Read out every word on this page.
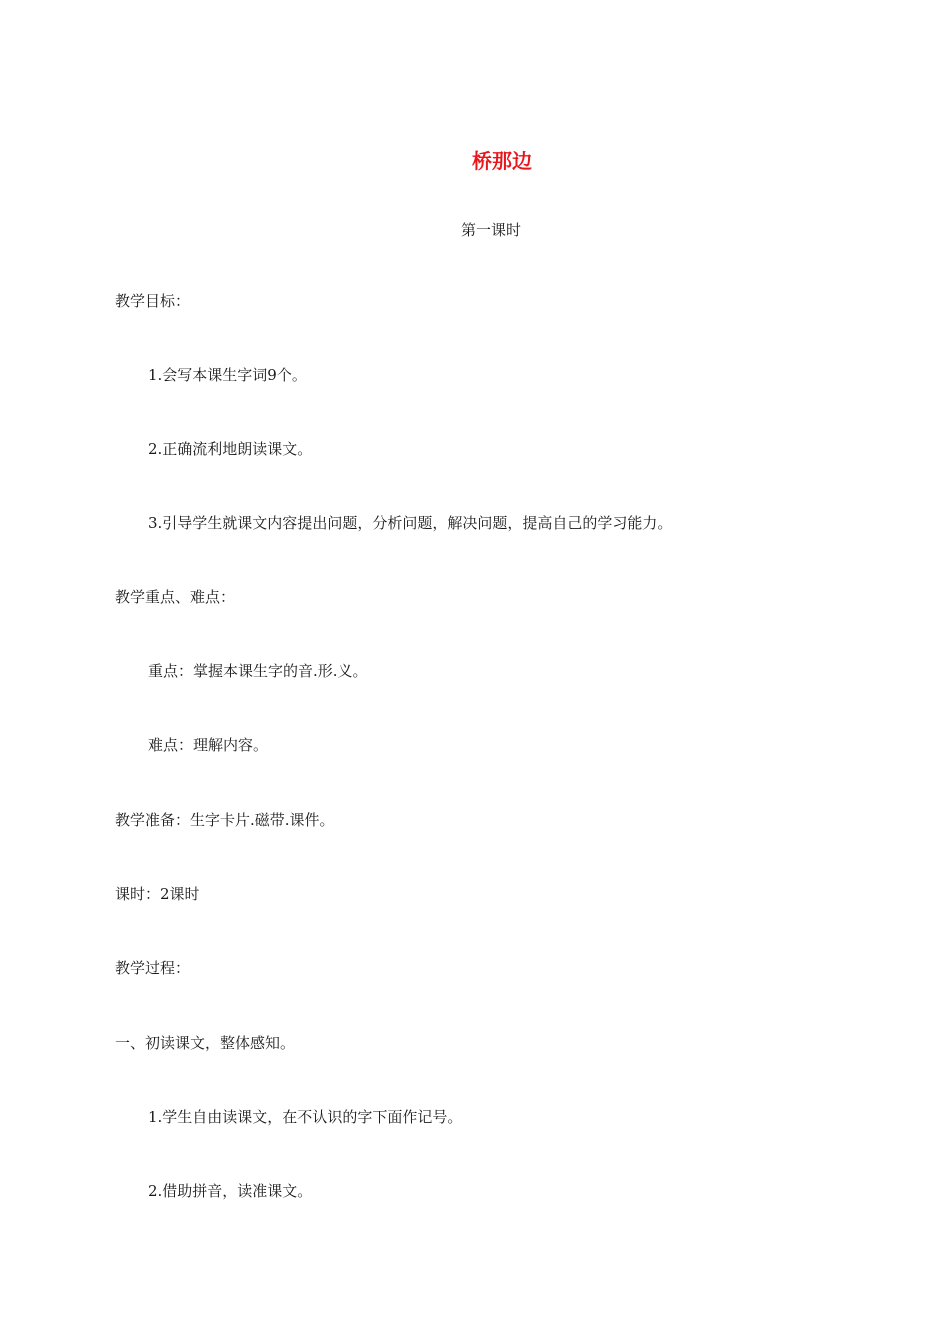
桥那边
第一课时
教学目标：
1.会写本课生字词9个。
2.正确流利地朗读课文。
3.引导学生就课文内容提出问题，分析问题，解决问题，提高自己的学习能力。
教学重点、难点：
重点：掌握本课生字的音.形.义。
难点：理解内容。
教学准备：生字卡片.磁带.课件。
课时：2课时
教学过程：
一、初读课文，整体感知。
1.学生自由读课文，在不认识的字下面作记号。
2.借助拼音，读准课文。
